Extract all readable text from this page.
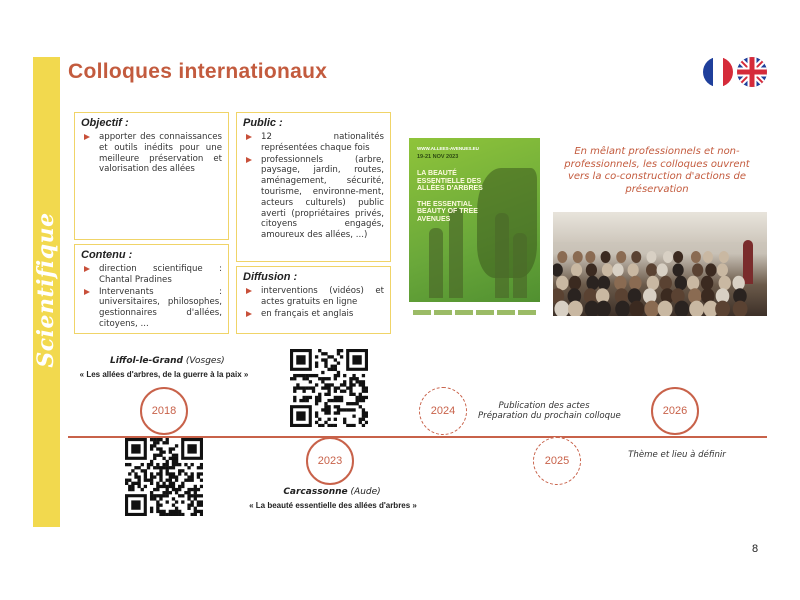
Scientifique
Colloques internationaux
Objectif :
apporter des connaissances et outils inédits pour une meilleure préservation et valorisation des allées
Public :
12 nationalités représentées chaque fois
professionnels (arbre, paysage, jardin, routes, aménagement, sécurité, tourisme, environne-ment, acteurs culturels) public averti (propriétaires privés, citoyens engagés, amoureux des allées, ...)
Contenu :
direction scientifique : Chantal Pradines
Intervenants : universitaires, philosophes, gestionnaires d'allées, citoyens, ...
Diffusion :
interventions (vidéos) et actes gratuits en ligne
en français et anglais
WWW.ALLEES-AVENUES.EU
19-21 NOV 2023
LA BEAUTÉ ESSENTIELLE DES ALLÉES D'ARBRES
THE ESSENTIAL BEAUTY OF TREE AVENUES
En mêlant professionnels et non-professionnels, les colloques ouvrent vers la co-construction d'actions de préservation
2018
2023
2024
2025
2026
Liffol-le-Grand (Vosges)
« Les allées d'arbres, de la guerre à la paix »
Carcassonne (Aude)
« La beauté essentielle des allées d'arbres »
Publication des actes
Préparation du prochain colloque
Thème et lieu à définir
8
